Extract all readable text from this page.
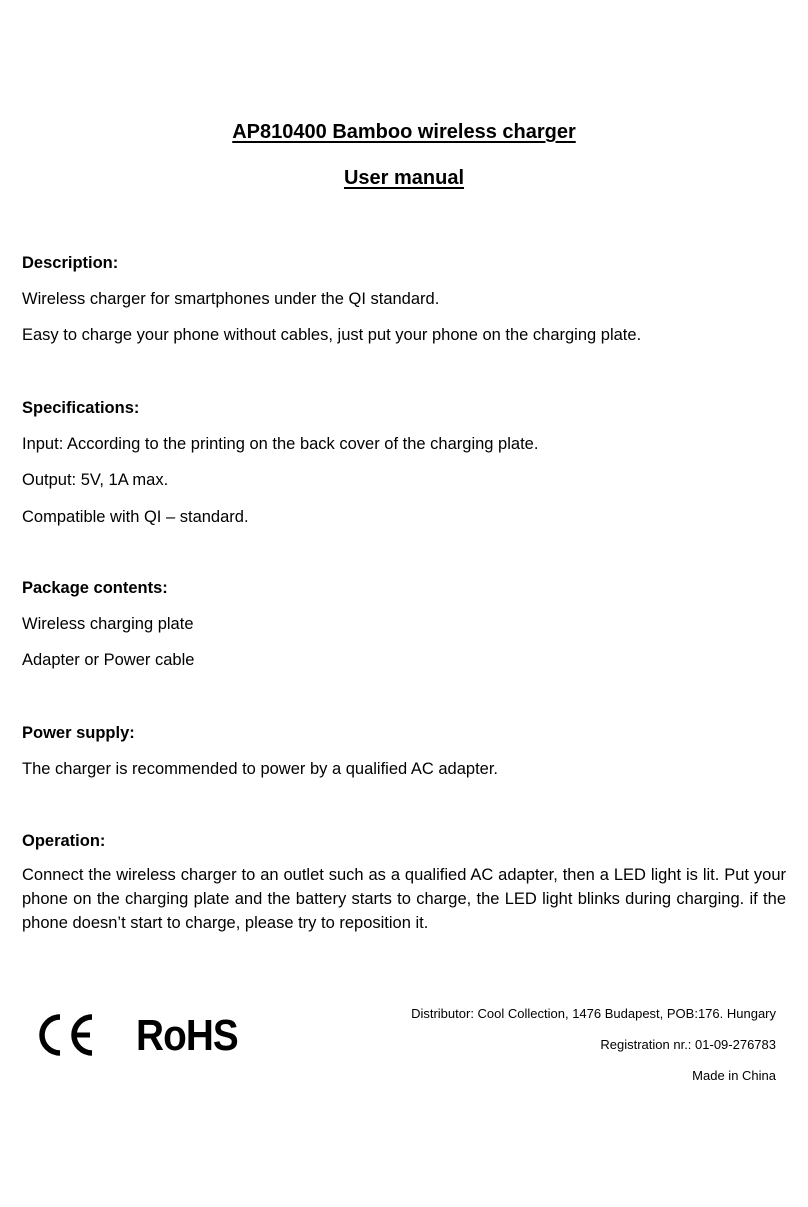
AP810400 Bamboo wireless charger
User manual

Description:

Wireless charger for smartphones under the QI standard.

Easy to charge your phone without cables, just put your phone on the charging plate.

Specifications:

Input: According to the printing on the back cover of the charging plate.

Output: 5V, 1A max.

Compatible with QI – standard.

Package contents:

Wireless charging plate

Adapter or Power cable

Power supply:

The charger is recommended to power by a qualified AC adapter.

Operation:

Connect the wireless charger to an outlet such as a qualified AC adapter, then a LED light is lit. Put your phone on the charging plate and the battery starts to charge, the LED light blinks during charging. if the phone doesn’t start to charge, please try to reposition it.

RoHS	Distributor: Cool Collection, 1476 Budapest, POB:176. Hungary
Registration nr.: 01-09-276783
Made in China
